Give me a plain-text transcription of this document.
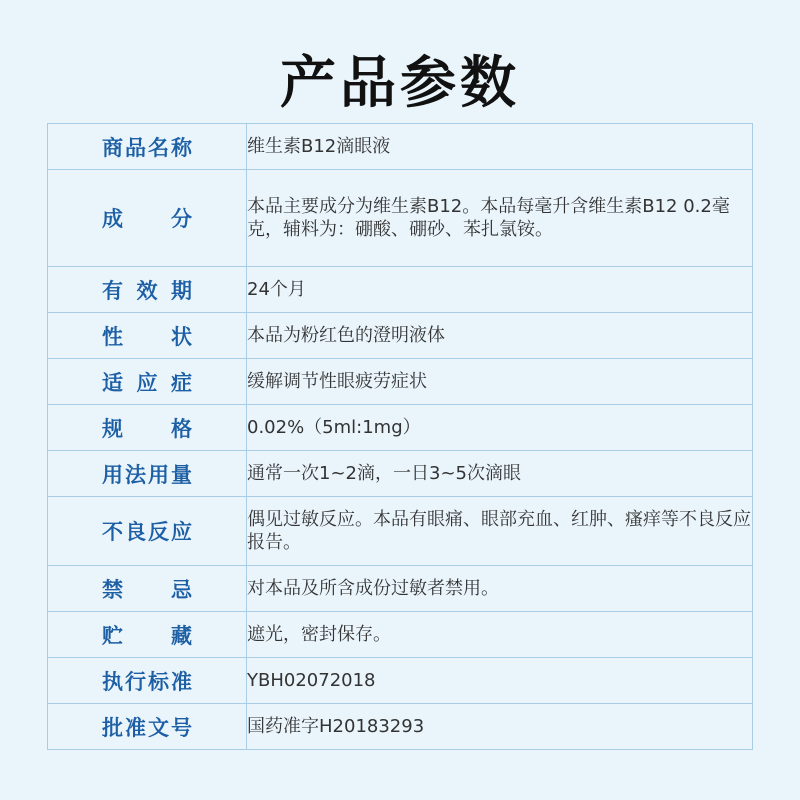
产品参数
商 品 名 称	维生素B12滴眼液

成 分	本品主要成分为维生素B12。本品每毫升含维生素B12 0.2毫克，辅料为：硼酸、硼砂、苯扎氯铵。

有 效 期	24个月

性 状	本品为粉红色的澄明液体

适 应 症	缓解调节性眼疲劳症状

规 格	0.02%（5ml:1mg）

用 法 用 量	通常一次1~2滴，一日3~5次滴眼

不 良 反 应	偶见过敏反应。本品有眼痛、眼部充血、红肿、瘙痒等不良反应报告。

禁 忌	对本品及所含成份过敏者禁用。

贮 藏	遮光，密封保存。

执 行 标 准	YBH02072018

批 准 文 号	国药准字H20183293
